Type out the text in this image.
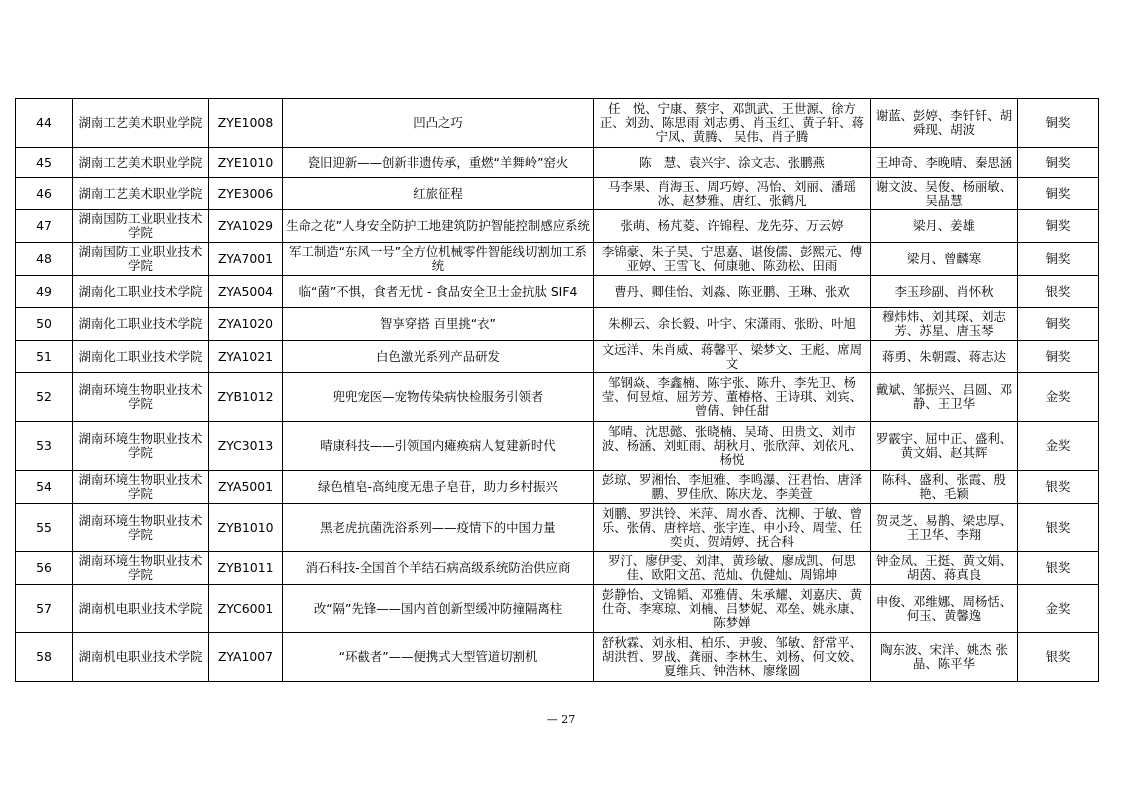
44	湖南工艺美术职业学院	ZYE1008	凹凸之巧	任　悦、宁康、蔡宇、邓凯武、王世源、徐方正、刘劲、陈思雨 刘志勇、肖玉红、黄子轩、蒋宁凤、黄腾、 吴伟、肖子腾	谢蓝、彭婷、李钎钎、胡舜现、胡波	铜奖
45	湖南工艺美术职业学院	ZYE1010	瓷旧迎新——创新非遗传承，重燃“羊舞岭”窑火	陈　慧、袁兴宇、涂文志、张鹏燕	王坤奇、李晚晴、秦思涵	铜奖
46	湖南工艺美术职业学院	ZYE3006	红旅征程	马李果、肖海玉、周巧婷、冯怡、刘丽、潘瑶冰、赵梦雅、唐红、张鹤凡	谢文波、吴俊、杨丽敏、吴晶慧	铜奖
47	湖南国防工业职业技术学院	ZYA1029	生命之花”人身安全防护工地建筑防护智能控制感应系统	张萌、杨芃菱、许锦程、龙先芬、万云婷	梁月、姜雄	铜奖
48	湖南国防工业职业技术学院	ZYA7001	军工制造“东风一号”全方位机械零件智能线切割加工系统	李锦豪、朱子昊、宁思嘉、谌俊儒、彭熙元、傅亚婷、王雪飞、何康驰、陈劲松、田雨	梁月、曾麟寒	铜奖
49	湖南化工职业技术学院	ZYA5004	临“菌”不惧，食者无忧 - 食品安全卫士金抗肽 SIF4	曹丹、卿佳怡、刘淼、陈亚鹏、王琳、张欢	李玉珍副、肖怀秋	银奖
50	湖南化工职业技术学院	ZYA1020	智享穿搭 百里挑“衣”	朱柳云、余长毅、叶宇、宋潇雨、张盼、叶旭	穆炜炜、刘其琛、刘志芳、苏星、唐玉琴	铜奖
51	湖南化工职业技术学院	ZYA1021	白色激光系列产品研发	文远洋、朱肖威、蒋馨平、梁梦文、王彪、席周文	蒋勇、朱朝霞、蒋志达	铜奖
52	湖南环境生物职业技术学院	ZYB1012	兜兜宠医—宠物传染病快检服务引领者	邹钢焱、李鑫楠、陈宇张、陈升、李先卫、杨莹、何昱煊、屈芳芳、董椿格、王诗琪、刘宾、曾倩、钟任甜	戴斌、邹振兴、吕圆、邓静、王卫华	金奖
53	湖南环境生物职业技术学院	ZYC3013	晴康科技——引领国内瘫痪病人复建新时代	邹晴、沈思懿、张晓楠、吴琦、田贵文、刘市波、杨涵、刘虹雨、胡秋月、张欣萍、刘依凡、杨悦	罗霰宇、屈中正、盛利、黄文娟、赵其辉	金奖
54	湖南环境生物职业技术学院	ZYA5001	绿色植皂-高纯度无患子皂苷，助力乡村振兴	彭琼、罗湘怡、李旭雅、李鸣瀑、汪君怡、唐泽鹏、罗佳欣、陈庆龙、李美萱	陈科、盛利、张霞、殷艳、毛颖	银奖
55	湖南环境生物职业技术学院	ZYB1010	黑老虎抗菌洗浴系列——疫情下的中国力量	刘鹏、罗洪铃、米萍、周水香、沈柳、于敏、曾乐、张倩、唐梓培、张宇连、申小玲、周莹、任奕贞、贺靖婷、抚合科	贺灵芝、易鹊、梁忠厚、王卫华、李翔	银奖
56	湖南环境生物职业技术学院	ZYB1011	消石科技-全国首个羊结石病高级系统防治供应商	罗汀、廖伊雯、刘津、黄珍敏、廖成凯、何思佳、欧阳文茁、范灿、仇健灿、周锦坤	钟金凤、王挺、黄文娟、胡茵、蒋真良	银奖
57	湖南机电职业技术学院	ZYC6001	改“隔”先锋——国内首创新型缓冲防撞隔离柱	彭静怡、文锦韬、邓雅倩、朱承耀、刘嘉庆、黄仕奇、李寒琼、刘楠、吕梦妮、邓垒、姚永康、陈梦婵	申俊、邓维娜、周杨恬、何玉、黄馨逸	金奖
58	湖南机电职业技术学院	ZYA1007	“环截者”——便携式大型管道切割机	舒秋霖、刘永相、柏乐、尹骏、邹敏、舒常平、胡洪哲、罗战、龚丽、李林生、刘杨、何文姣、夏维兵、钟浩林、廖缘圆	陶东波、宋洋、姚杰 张晶、陈平华	银奖
— 27
